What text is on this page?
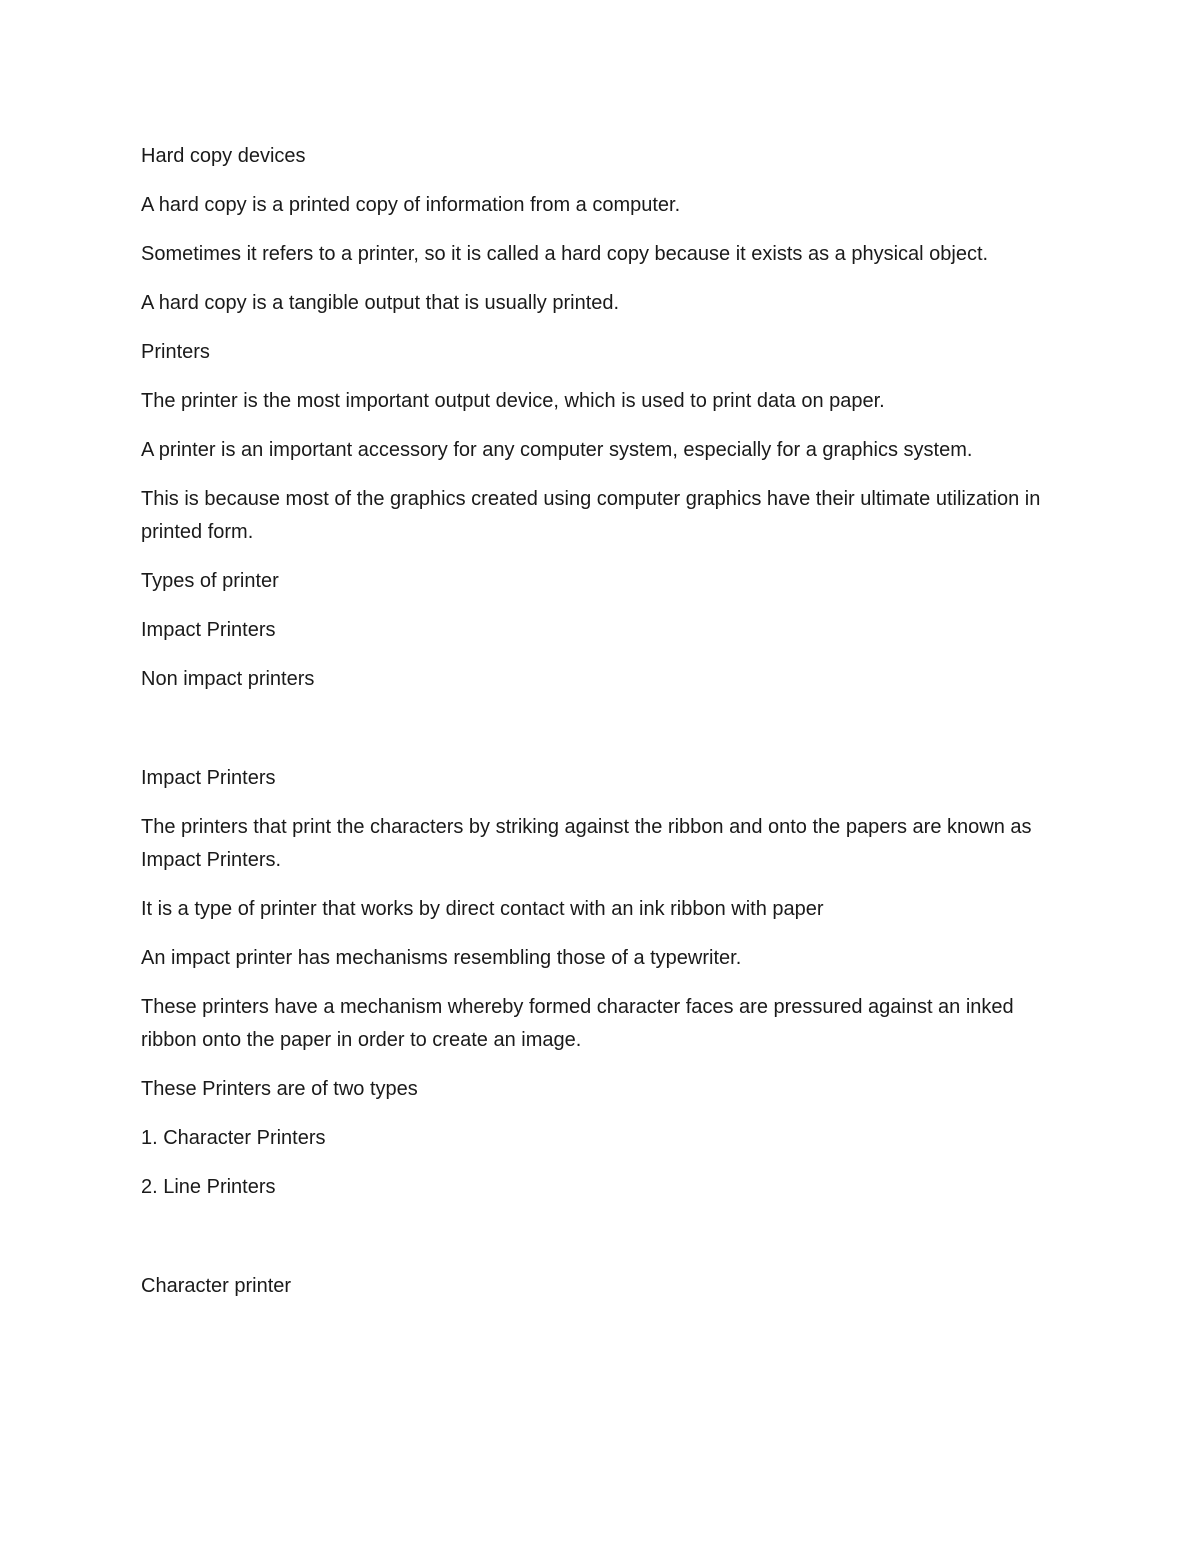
Hard copy devices

A hard copy is a printed copy of information from a computer.

Sometimes it refers to a printer, so it is called a hard copy because it exists as a physical object.

A hard copy is a tangible output that is usually printed.

Printers

The printer is the most important output device, which is used to print data on paper.

A printer is an important accessory for any computer system, especially for a graphics system.

This is because most of the graphics created using computer graphics have their ultimate utilization in printed form.

Types of printer

Impact Printers

Non impact printers

Impact Printers

The printers that print the characters by striking against the ribbon and onto the papers are known as Impact Printers.

It is a type of printer that works by direct contact with an ink ribbon with paper

An impact printer has mechanisms resembling those of a typewriter.

These printers have a mechanism whereby formed character faces are pressured against an inked ribbon onto the paper in order to create an image.

These Printers are of two types

1. Character Printers

2. Line Printers

Character printer
